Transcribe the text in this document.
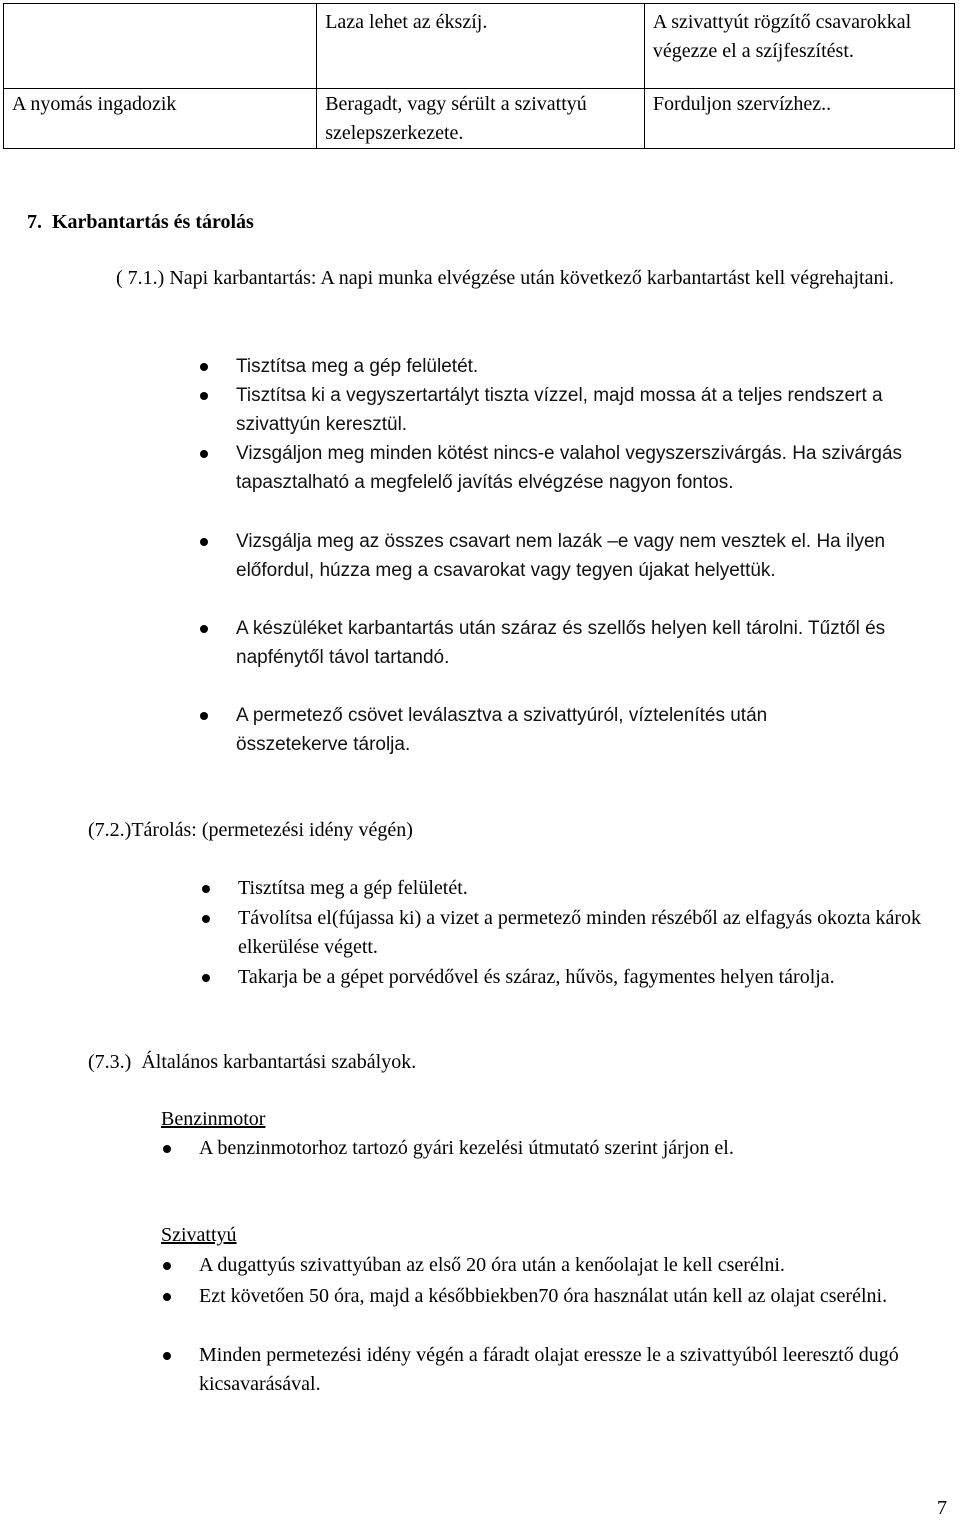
	Laza lehet az ékszíj.	A szivattyút rögzítő csavarokkal végezze el a szíjfeszítést.
A nyomás ingadozik	Beragadt, vagy sérült a szivattyú szelepszerkezete.	Forduljon szervízhez..

7.  Karbantartás és tárolás

( 7.1.) Napi karbantartás: A napi munka elvégzése után következő karbantartást kell végrehajtani.

Tisztítsa meg a gép felületét.
Tisztítsa ki a vegyszertartályt tiszta vízzel, majd mossa át a teljes rendszert a szivattyún keresztül.
Vizsgáljon meg minden kötést nincs-e valahol vegyszerszivárgás. Ha szivárgás tapasztalható a megfelelő javítás elvégzése nagyon fontos.
Vizsgálja meg az összes csavart nem lazák –e vagy nem vesztek el. Ha ilyen előfordul, húzza meg a csavarokat vagy tegyen újakat helyettük.
A készüléket karbantartás után száraz és szellős helyen kell tárolni. Tűztől és napfénytől távol tartandó.
A permetező csövet leválasztva a szivattyúról, víztelenítés után összetekerve tárolja.

(7.2.)Tárolás: (permetezési idény végén)

Tisztítsa meg a gép felületét.
Távolítsa el(fújassa ki) a vizet a permetező minden részéből az elfagyás okozta károk elkerülése végett.
Takarja be a gépet porvédővel és száraz, hűvös, fagymentes helyen tárolja.

(7.3.)  Általános karbantartási szabályok.

Benzinmotor

A benzinmotorhoz tartozó gyári kezelési útmutató szerint járjon el.

Szivattyú

A dugattyús szivattyúban az első 20 óra után a kenőolajat le kell cserélni.
Ezt követően 50 óra, majd a későbbiekben70 óra használat után kell az olajat cserélni.
Minden permetezési idény végén a fáradt olajat eressze le a szivattyúból leeresztő dugó kicsavarásával.

7
